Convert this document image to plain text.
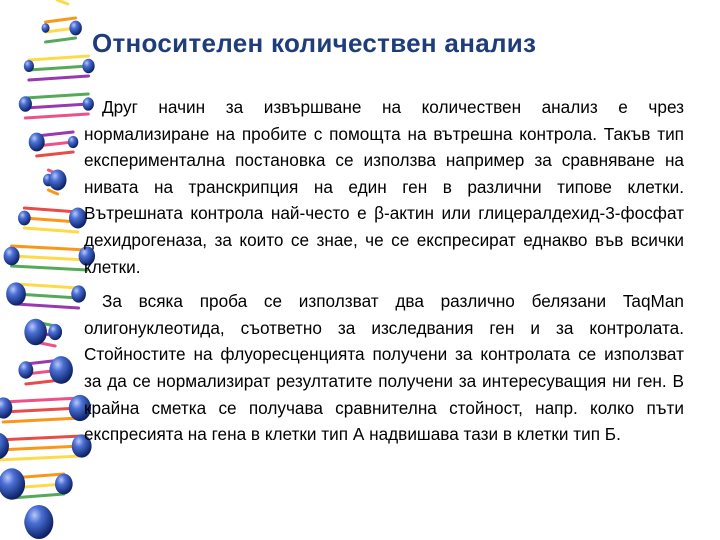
Относителен количествен анализ

Друг начин за извършване на количествен анализ е чрез нормализиране на пробите с помощта на вътрешна контрола. Такъв тип експериментална постановка се използва например за сравняване на нивата на транскрипция на един ген в различни типове клетки. Вътрешната контрола най-често е β-актин или глицералдехид-3-фосфат дехидрогеназа, за които се знае, че се експресират еднакво във всички клетки.

За всяка проба се използват два различно белязани TaqMan олигонуклеотида, съответно за изследвания ген и за контролата. Стойностите на флуоресценцията получени за контролата се използват за да се нормализират резултатите получени за интересуващия ни ген. В крайна сметка се получава сравнителна стойност, напр. колко пъти експресията на гена в клетки тип А надвишава тази в клетки тип Б.
